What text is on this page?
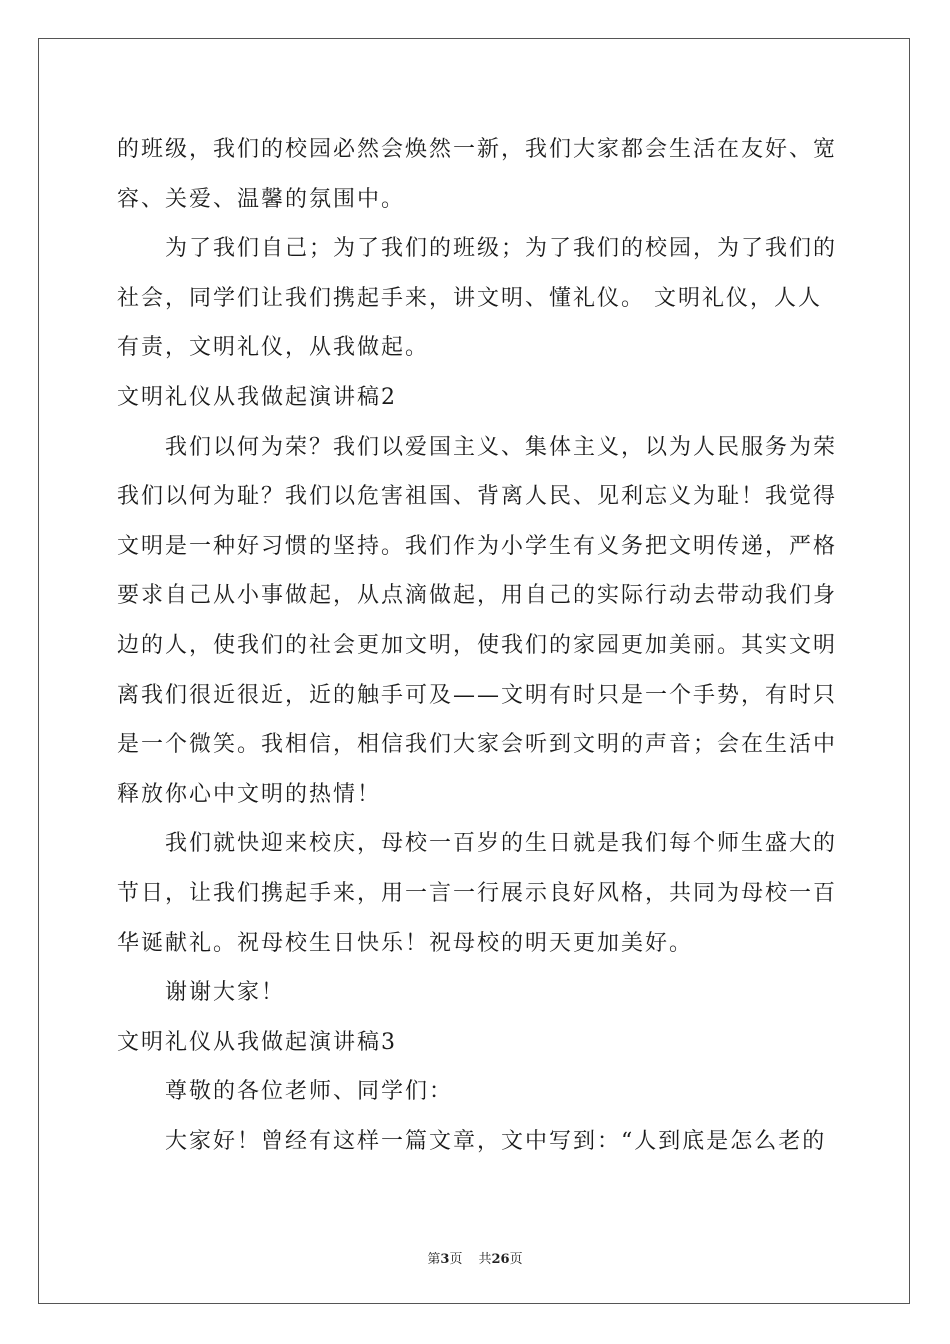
的班级，我们的校园必然会焕然一新，我们大家都会生活在友好、宽
容、关爱、温馨的氛围中。
为了我们自己；为了我们的班级；为了我们的校园，为了我们的
社会，同学们让我们携起手来，讲文明、懂礼仪。 文明礼仪，人人
有责，文明礼仪，从我做起。
文明礼仪从我做起演讲稿2
我们以何为荣？我们以爱国主义、集体主义，以为人民服务为荣
我们以何为耻？我们以危害祖国、背离人民、见利忘义为耻！我觉得
文明是一种好习惯的坚持。我们作为小学生有义务把文明传递，严格
要求自己从小事做起，从点滴做起，用自己的实际行动去带动我们身
边的人，使我们的社会更加文明，使我们的家园更加美丽。其实文明
离我们很近很近，近的触手可及——文明有时只是一个手势，有时只
是一个微笑。我相信，相信我们大家会听到文明的声音；会在生活中
释放你心中文明的热情！
我们就快迎来校庆，母校一百岁的生日就是我们每个师生盛大的
节日，让我们携起手来，用一言一行展示良好风格，共同为母校一百
华诞献礼。祝母校生日快乐！祝母校的明天更加美好。
谢谢大家！
文明礼仪从我做起演讲稿3
尊敬的各位老师、同学们：
大家好！曾经有这样一篇文章，文中写到：“人到底是怎么老的
第3页 共26页
